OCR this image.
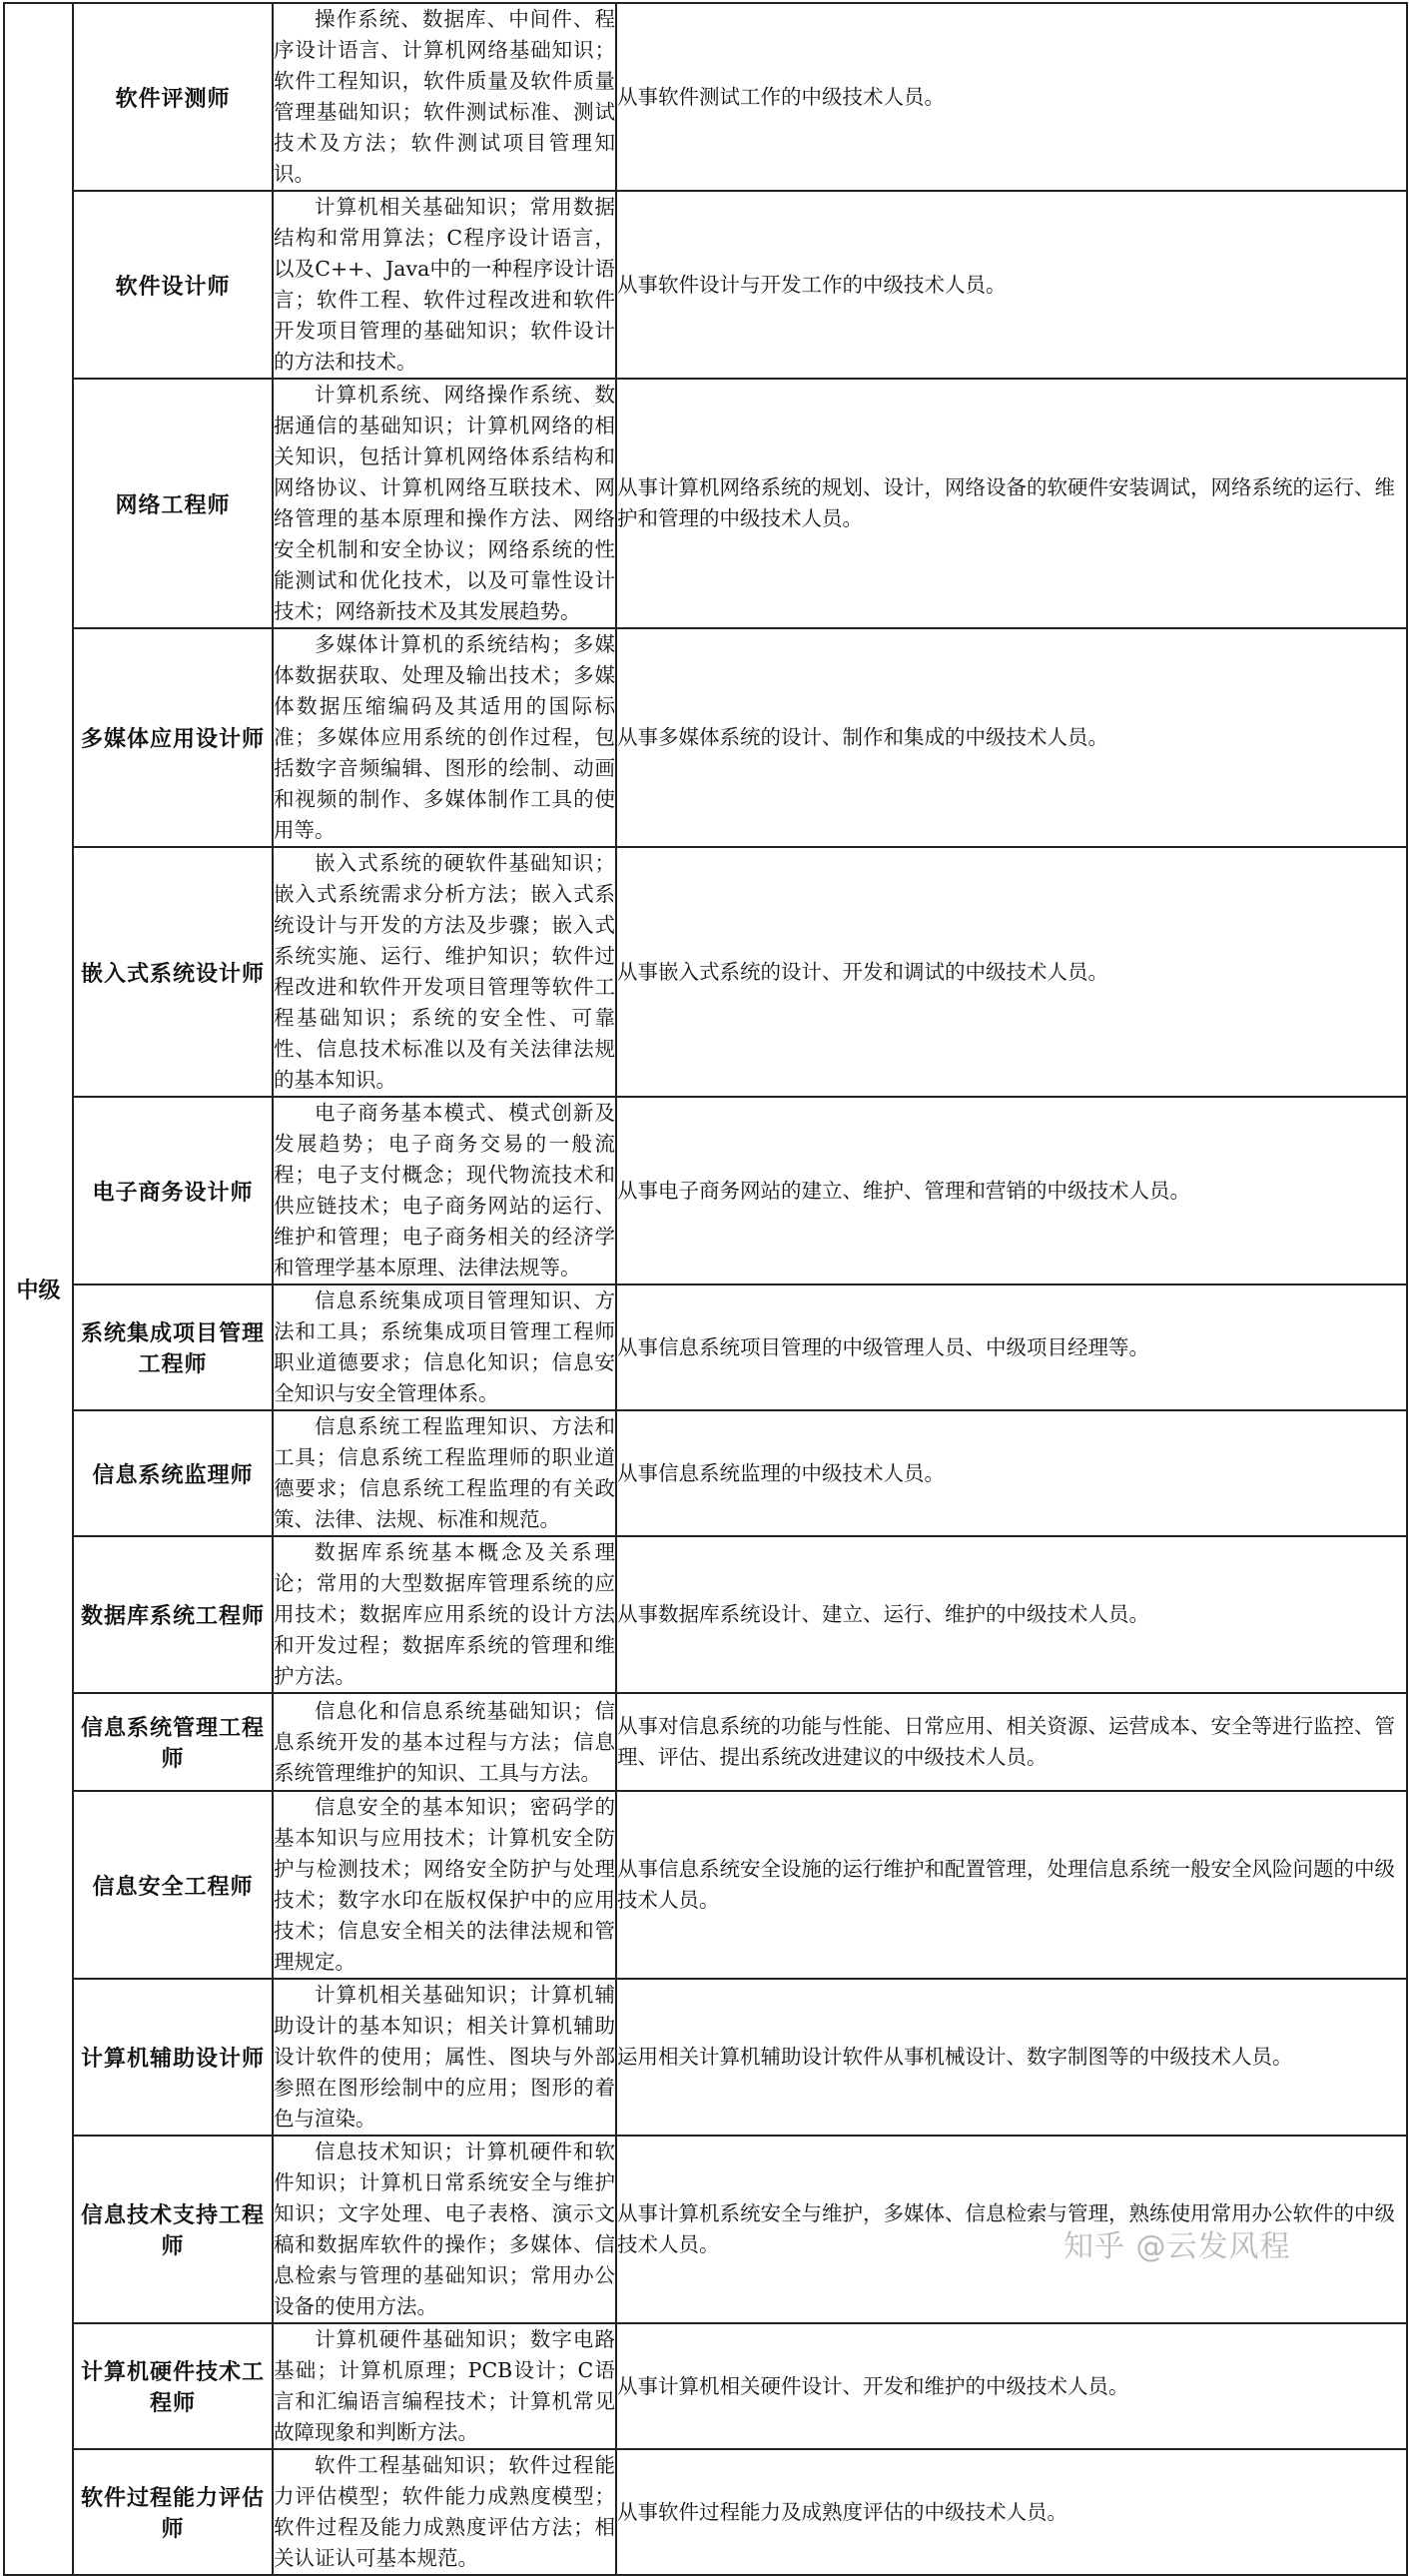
中级	软件评测师	操作系统、数据库、中间件、程序设计语言、计算机网络基础知识；软件工程知识，软件质量及软件质量管理基础知识；软件测试标准、测试技术及方法；软件测试项目管理知识。	从事软件测试工作的中级技术人员。
	软件设计师	计算机相关基础知识；常用数据结构和常用算法；C程序设计语言，以及C++、Java中的一种程序设计语言；软件工程、软件过程改进和软件开发项目管理的基础知识；软件设计的方法和技术。	从事软件设计与开发工作的中级技术人员。
	网络工程师	计算机系统、网络操作系统、数据通信的基础知识；计算机网络的相关知识，包括计算机网络体系结构和网络协议、计算机网络互联技术、网络管理的基本原理和操作方法、网络安全机制和安全协议；网络系统的性能测试和优化技术，以及可靠性设计技术；网络新技术及其发展趋势。	从事计算机网络系统的规划、设计，网络设备的软硬件安装调试，网络系统的运行、维护和管理的中级技术人员。
	多媒体应用设计师	多媒体计算机的系统结构；多媒体数据获取、处理及输出技术；多媒体数据压缩编码及其适用的国际标准；多媒体应用系统的创作过程，包括数字音频编辑、图形的绘制、动画和视频的制作、多媒体制作工具的使用等。	从事多媒体系统的设计、制作和集成的中级技术人员。
	嵌入式系统设计师	嵌入式系统的硬软件基础知识；嵌入式系统需求分析方法；嵌入式系统设计与开发的方法及步骤；嵌入式系统实施、运行、维护知识；软件过程改进和软件开发项目管理等软件工程基础知识；系统的安全性、可靠性、信息技术标准以及有关法律法规的基本知识。	从事嵌入式系统的设计、开发和调试的中级技术人员。
	电子商务设计师	电子商务基本模式、模式创新及发展趋势；电子商务交易的一般流程；电子支付概念；现代物流技术和供应链技术；电子商务网站的运行、维护和管理；电子商务相关的经济学和管理学基本原理、法律法规等。	从事电子商务网站的建立、维护、管理和营销的中级技术人员。
	系统集成项目管理工程师	信息系统集成项目管理知识、方法和工具；系统集成项目管理工程师职业道德要求；信息化知识；信息安全知识与安全管理体系。	从事信息系统项目管理的中级管理人员、中级项目经理等。
	信息系统监理师	信息系统工程监理知识、方法和工具；信息系统工程监理师的职业道德要求；信息系统工程监理的有关政策、法律、法规、标准和规范。	从事信息系统监理的中级技术人员。
	数据库系统工程师	数据库系统基本概念及关系理论；常用的大型数据库管理系统的应用技术；数据库应用系统的设计方法和开发过程；数据库系统的管理和维护方法。	从事数据库系统设计、建立、运行、维护的中级技术人员。
	信息系统管理工程师	信息化和信息系统基础知识；信息系统开发的基本过程与方法；信息系统管理维护的知识、工具与方法。	从事对信息系统的功能与性能、日常应用、相关资源、运营成本、安全等进行监控、管理、评估、提出系统改进建议的中级技术人员。
	信息安全工程师	信息安全的基本知识；密码学的基本知识与应用技术；计算机安全防护与检测技术；网络安全防护与处理技术；数字水印在版权保护中的应用技术；信息安全相关的法律法规和管理规定。	从事信息系统安全设施的运行维护和配置管理，处理信息系统一般安全风险问题的中级技术人员。
	计算机辅助设计师	计算机相关基础知识；计算机辅助设计的基本知识；相关计算机辅助设计软件的使用；属性、图块与外部参照在图形绘制中的应用；图形的着色与渲染。	运用相关计算机辅助设计软件从事机械设计、数字制图等的中级技术人员。
	信息技术支持工程师	信息技术知识；计算机硬件和软件知识；计算机日常系统安全与维护知识；文字处理、电子表格、演示文稿和数据库软件的操作；多媒体、信息检索与管理的基础知识；常用办公设备的使用方法。	从事计算机系统安全与维护，多媒体、信息检索与管理，熟练使用常用办公软件的中级技术人员。
	计算机硬件技术工程师	计算机硬件基础知识；数字电路基础；计算机原理；PCB设计；C语言和汇编语言编程技术；计算机常见故障现象和判断方法。	从事计算机相关硬件设计、开发和维护的中级技术人员。
	软件过程能力评估师	软件工程基础知识；软件过程能力评估模型；软件能力成熟度模型；软件过程及能力成熟度评估方法；相关认证认可基本规范。	从事软件过程能力及成熟度评估的中级技术人员。
知乎 @云发风程
